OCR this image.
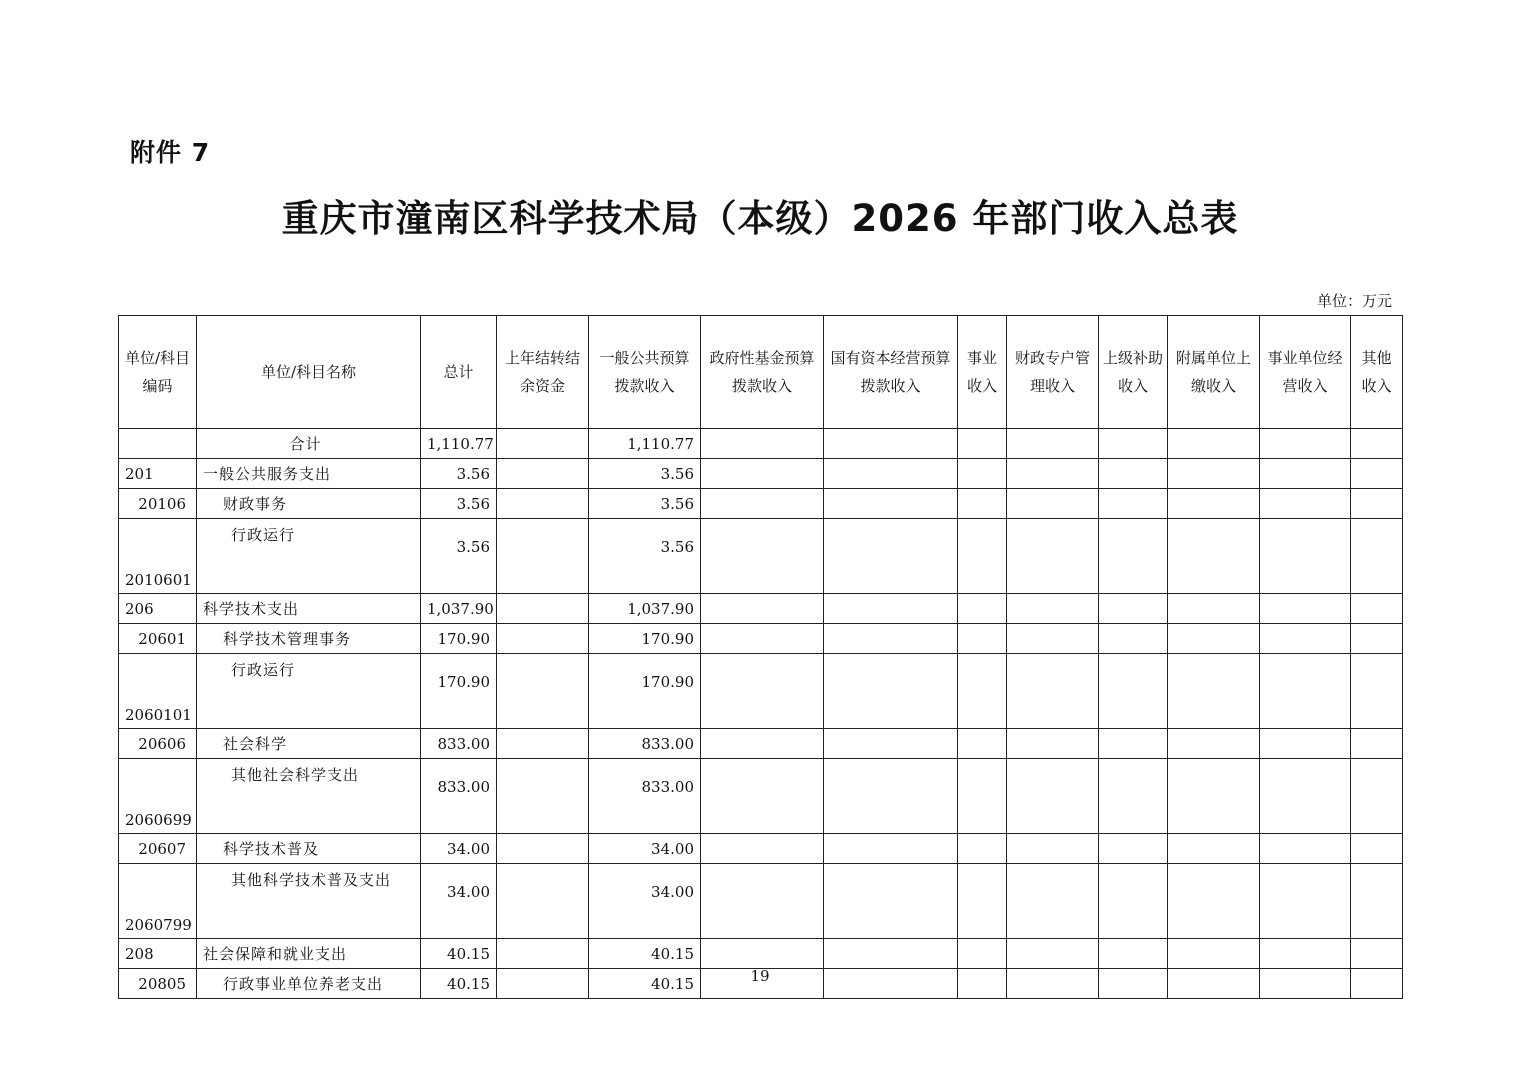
附件 7
重庆市潼南区科学技术局（本级）2026 年部门收入总表
单位：万元
单位/科目编码	单位/科目名称	总计	上年结转结余资金	一般公共预算拨款收入	政府性基金预算拨款收入	国有资本经营预算拨款收入	事业收入	财政专户管理收入	上级补助收入	附属单位上缴收入	事业单位经营收入	其他收入
	合计	1,110.77		1,110.77								
201	一般公共服务支出	3.56		3.56								
20106	财政事务	3.56		3.56								
2010601	行政运行	3.56		3.56								
206	科学技术支出	1,037.90		1,037.90								
20601	科学技术管理事务	170.90		170.90								
2060101	行政运行	170.90		170.90								
20606	社会科学	833.00		833.00								
2060699	其他社会科学支出	833.00		833.00								
20607	科学技术普及	34.00		34.00								
2060799	其他科学技术普及支出	34.00		34.00								
208	社会保障和就业支出	40.15		40.15								
20805	行政事业单位养老支出	40.15		40.15									19
